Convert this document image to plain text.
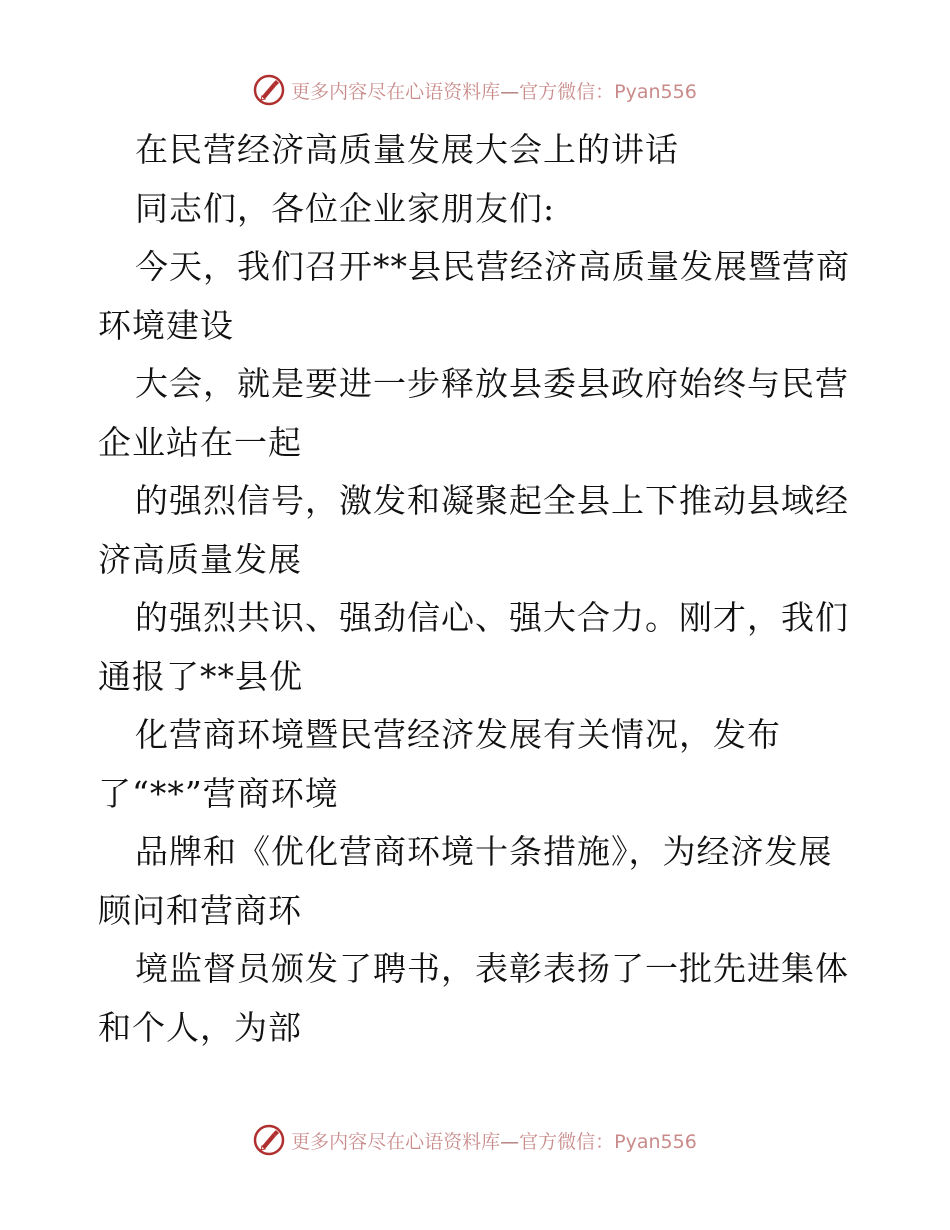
更多内容尽在心语资料库—官方微信：Pyan556
在民营经济高质量发展大会上的讲话
同志们，各位企业家朋友们:
今天，我们召开**县民营经济高质量发展暨营商
环境建设
大会，就是要进一步释放县委县政府始终与民营
企业站在一起
的强烈信号，激发和凝聚起全县上下推动县域经
济高质量发展
的强烈共识、强劲信心、强大合力。刚才，我们
通报了**县优
化营商环境暨民营经济发展有关情况，发布
了“**”营商环境
品牌和《优化营商环境十条措施》，为经济发展
顾问和营商环
境监督员颁发了聘书，表彰表扬了一批先进集体
和个人，为部
更多内容尽在心语资料库—官方微信：Pyan556
